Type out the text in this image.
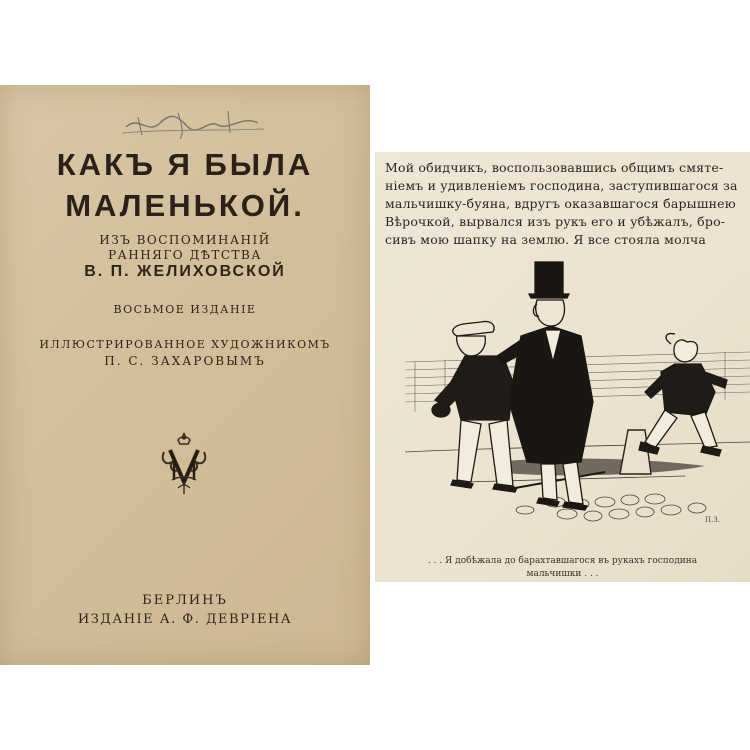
КАКЪ Я БЫЛА
МАЛЕНЬКОЙ.
ИЗЪ ВОСПОМИНАНІЙ
РАННЯГО ДѢТСТВА
В. П. ЖЕЛИХОВСКОЙ
ВОСЬМОЕ ИЗДАНІЕ
ИЛЛЮСТРИРОВАННОЕ ХУДОЖНИКОМЪ
П. С. ЗАХАРОВЫМЪ
БЕРЛИНЪ
ИЗДАНІЕ А. Ф. ДЕВРІЕНА
Мой обидчикъ, воспользовавшись общимъ смяте-
ніемъ и удивленіемъ господина, заступившагося за
мальчишку-буяна, вдругъ оказавшагося барышнею
Вѣрочкой, вырвался изъ рукъ его и убѣжалъ, бро-
сивъ мою шапку на землю. Я все стояла молча
П.З.
. . . Я добѣжала до барахтавшагося въ рукахъ господина
мальчишки . . .
